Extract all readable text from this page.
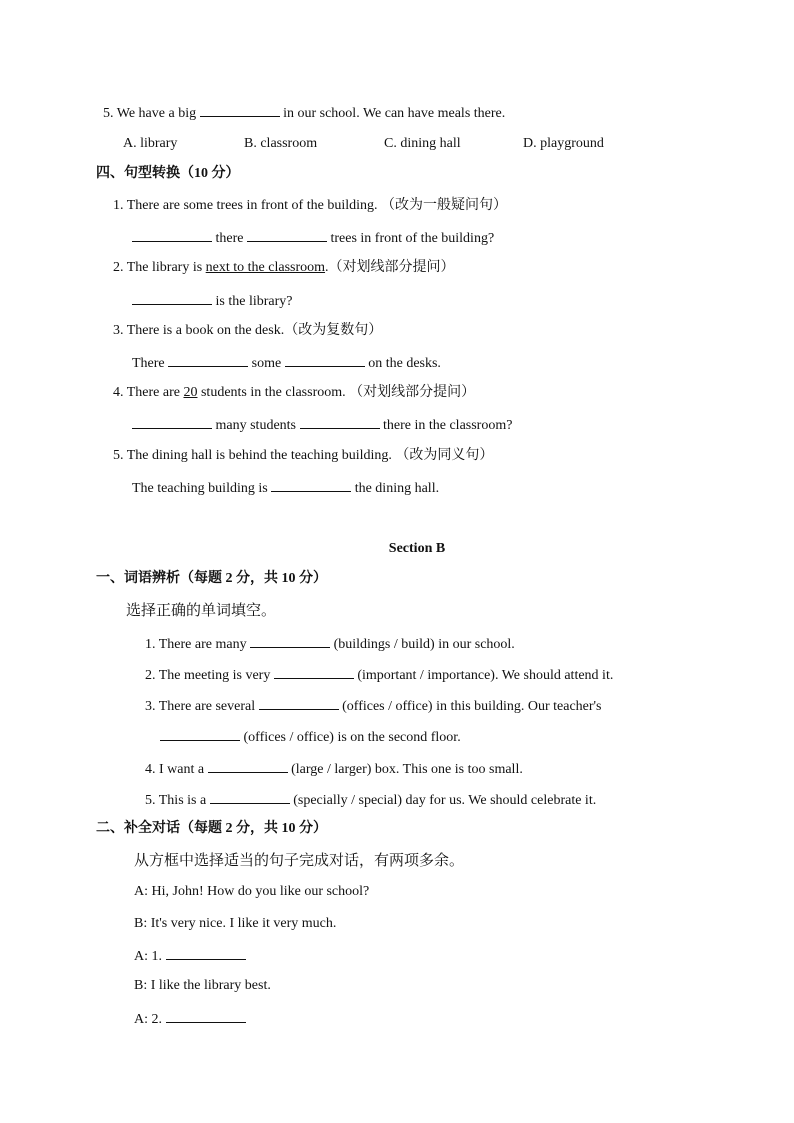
5. We have a big	in our school. We can have meals there.
A. library	B. classroom	C. dining hall	D. playground
四、句型转换（10 分）
1. There are some trees in front of the building. （改为一般疑问句）
there	trees in front of the building?
2. The library is next to the classroom.（对划线部分提问）
is the library?
3. There is a book on the desk.（改为复数句）
There	some	on the desks.
4. There are 20 students in the classroom. （对划线部分提问）
many students	there in the classroom?
5. The dining hall is behind the teaching building. （改为同义句）
The teaching building is	the dining hall.
Section B
一、词语辨析（每题 2 分，共 10 分）
选择正确的单词填空。
1. There are many	(buildings / build) in our school.
2. The meeting is very	(important / importance). We should attend it.
3. There are several	(offices / office) in this building. Our teacher's
(offices / office) is on the second floor.
4. I want a	(large / larger) box. This one is too small.
5. This is a	(specially / special) day for us. We should celebrate it.
二、补全对话（每题 2 分，共 10 分）
从方框中选择适当的句子完成对话，有两项多余。
A: Hi, John! How do you like our school?
B: It's very nice. I like it very much.
A: 1.
B: I like the library best.
A: 2.
